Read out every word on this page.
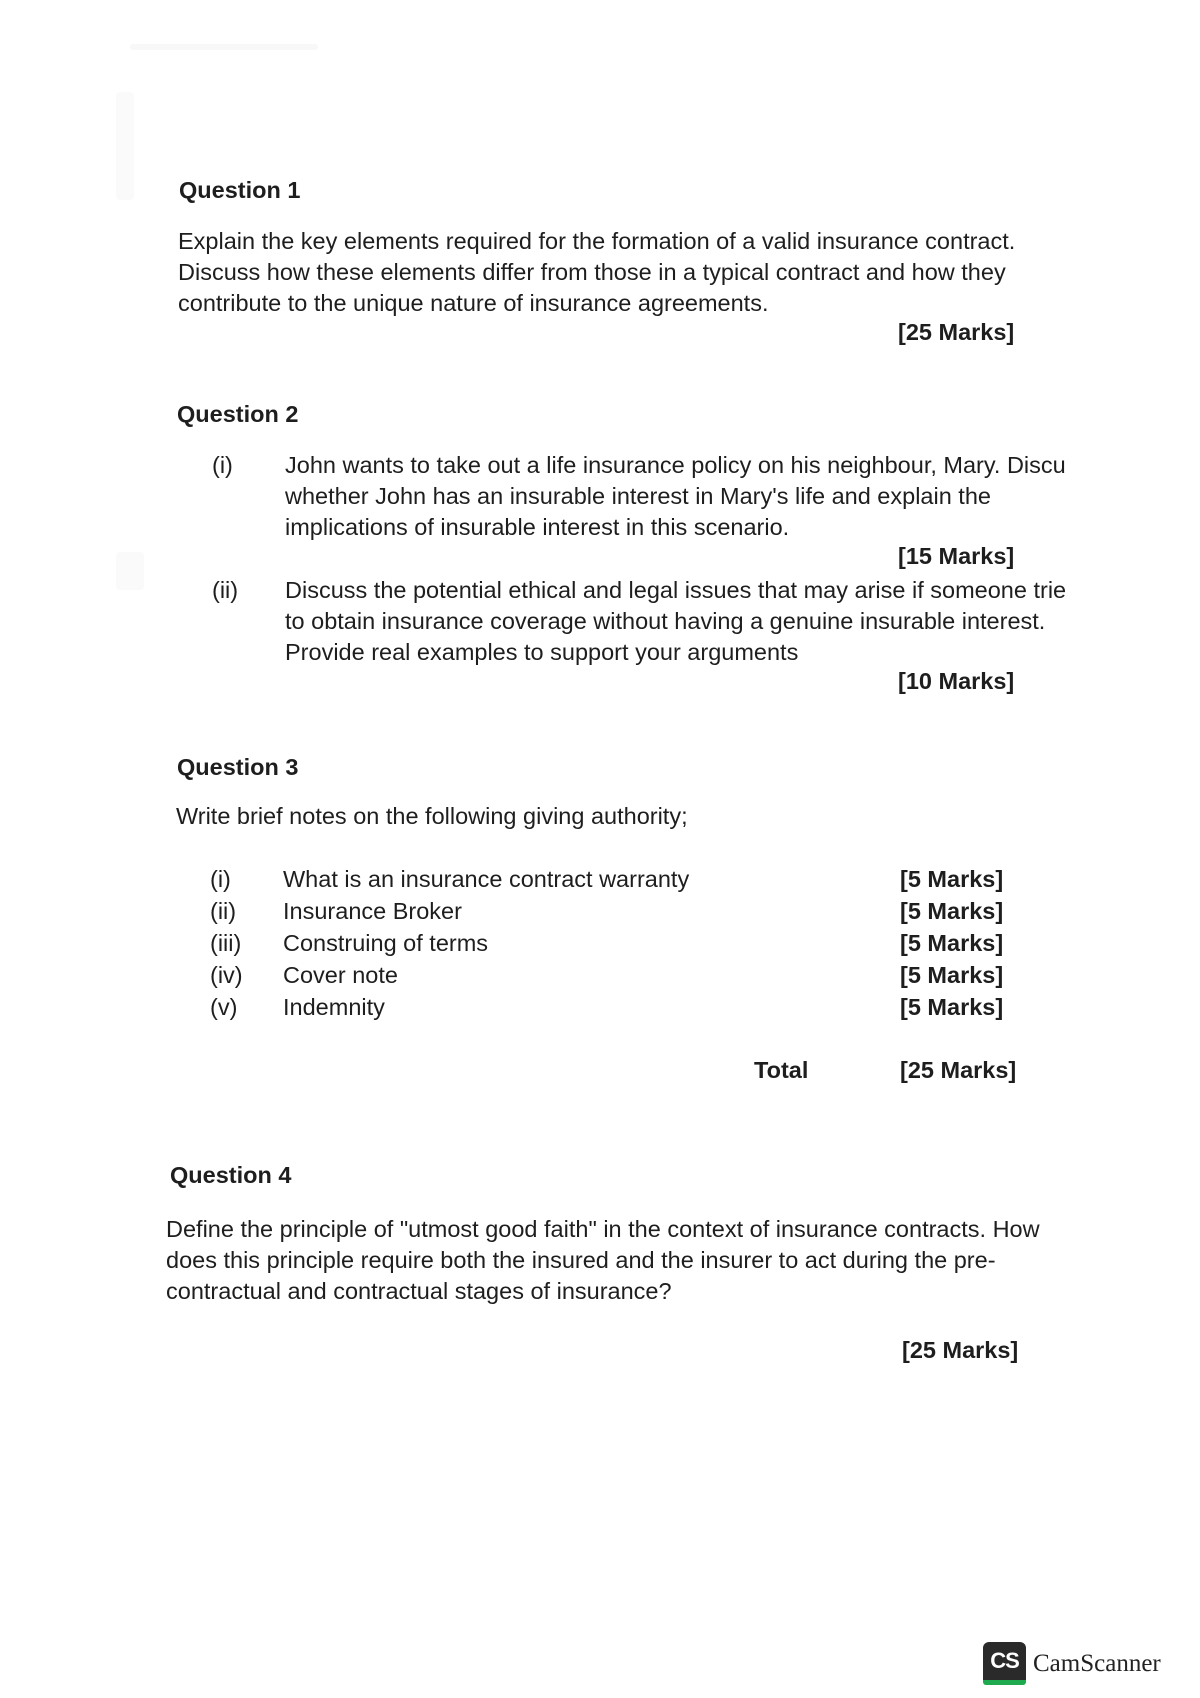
Question 1
Explain the key elements required for the formation of a valid insurance contract.
Discuss how these elements differ from those in a typical contract and how they
contribute to the unique nature of insurance agreements.
[25 Marks]
Question 2
(i) John wants to take out a life insurance policy on his neighbour, Mary. Discu
whether John has an insurable interest in Mary's life and explain the
implications of insurable interest in this scenario.
[15 Marks]
(ii) Discuss the potential ethical and legal issues that may arise if someone trie
to obtain insurance coverage without having a genuine insurable interest.
Provide real examples to support your arguments
[10 Marks]
Question 3
Write brief notes on the following giving authority;
(i) What is an insurance contract warranty	[5 Marks]
(ii) Insurance Broker	[5 Marks]
(iii) Construing of terms	[5 Marks]
(iv) Cover note	[5 Marks]
(v) Indemnity	[5 Marks]
Total	[25 Marks]
Question 4
Define the principle of "utmost good faith" in the context of insurance contracts. How
does this principle require both the insured and the insurer to act during the pre-
contractual and contractual stages of insurance?
[25 Marks]
CS CamScanner
